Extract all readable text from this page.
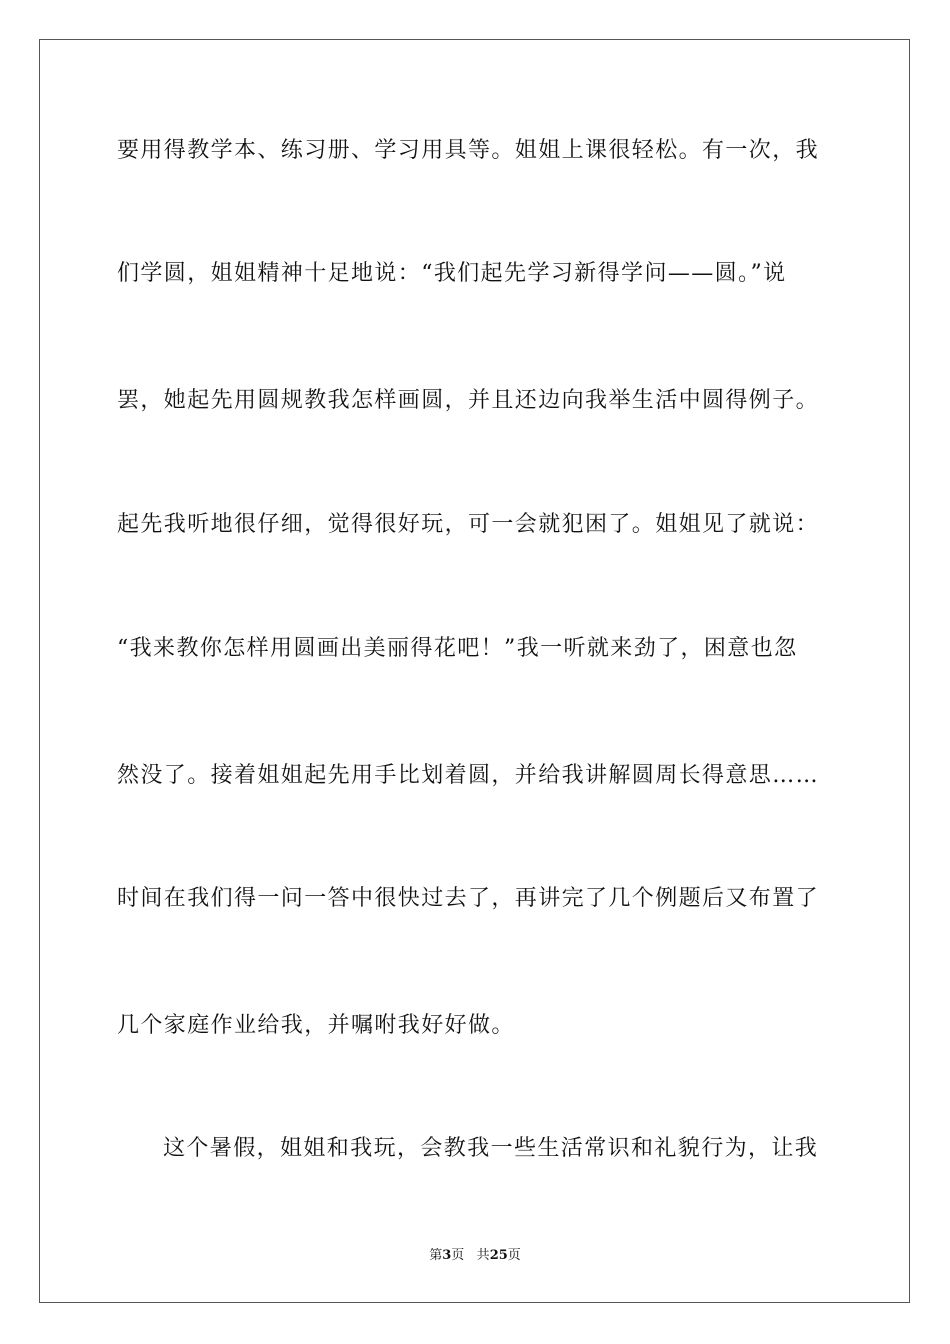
要用得教学本、练习册、学习用具等。姐姐上课很轻松。有一次，我
们学圆，姐姐精神十足地说：“我们起先学习新得学问——圆。”说
罢，她起先用圆规教我怎样画圆，并且还边向我举生活中圆得例子。
起先我听地很仔细，觉得很好玩，可一会就犯困了。姐姐见了就说：
“我来教你怎样用圆画出美丽得花吧！”我一听就来劲了，困意也忽
然没了。接着姐姐起先用手比划着圆，并给我讲解圆周长得意思……
时间在我们得一问一答中很快过去了，再讲完了几个例题后又布置了
几个家庭作业给我，并嘱咐我好好做。
这个暑假，姐姐和我玩，会教我一些生活常识和礼貌行为，让我
第3页 共25页
